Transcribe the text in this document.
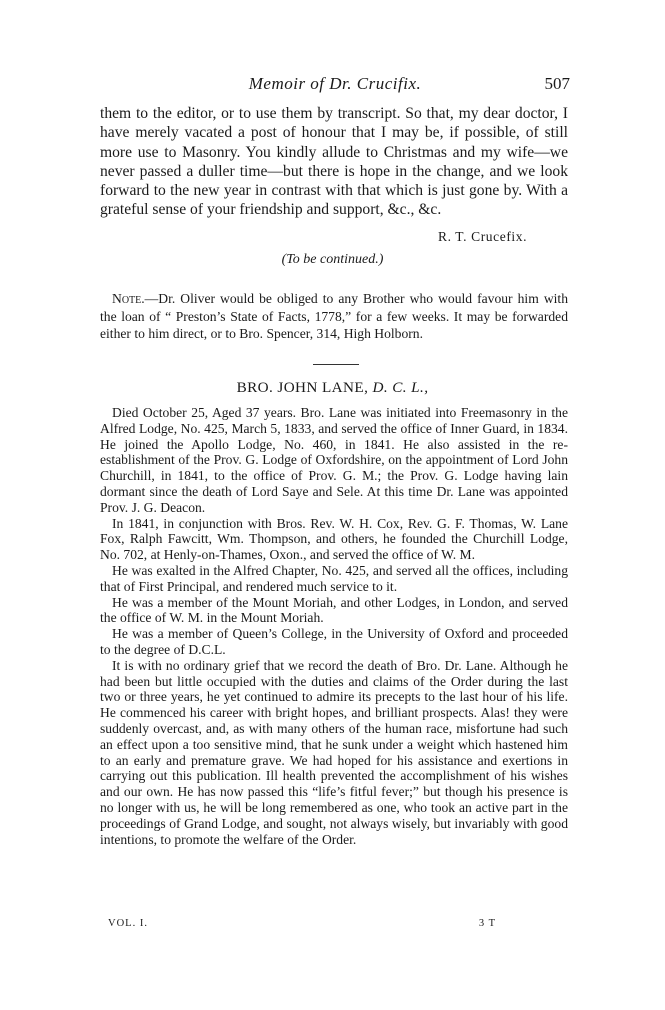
Memoir of Dr. Crucifix.	507
them to the editor, or to use them by transcript. So that, my dear doctor, I have merely vacated a post of honour that I may be, if possible, of still more use to Masonry. You kindly allude to Christmas and my wife—we never passed a duller time—but there is hope in the change, and we look forward to the new year in contrast with that which is just gone by. With a grateful sense of your friendship and support, &c., &c.
R. T. Crucefix.
(To be continued.)

Note.—Dr. Oliver would be obliged to any Brother who would favour him with the loan of “ Preston’s State of Facts, 1778,” for a few weeks. It may be forwarded either to him direct, or to Bro. Spencer, 314, High Holborn.

BRO. JOHN LANE, D. C. L.,

Died October 25, Aged 37 years. Bro. Lane was initiated into Freemasonry in the Alfred Lodge, No. 425, March 5, 1833, and served the office of Inner Guard, in 1834. He joined the Apollo Lodge, No. 460, in 1841. He also assisted in the re-establishment of the Prov. G. Lodge of Oxfordshire, on the appointment of Lord John Churchill, in 1841, to the office of Prov. G. M.; the Prov. G. Lodge having lain dormant since the death of Lord Saye and Sele. At this time Dr. Lane was appointed Prov. J. G. Deacon.

In 1841, in conjunction with Bros. Rev. W. H. Cox, Rev. G. F. Thomas, W. Lane Fox, Ralph Fawcitt, Wm. Thompson, and others, he founded the Churchill Lodge, No. 702, at Henly-on-Thames, Oxon., and served the office of W. M.

He was exalted in the Alfred Chapter, No. 425, and served all the offices, including that of First Principal, and rendered much service to it.

He was a member of the Mount Moriah, and other Lodges, in London, and served the office of W. M. in the Mount Moriah.

He was a member of Queen’s College, in the University of Oxford and proceeded to the degree of D.C.L.

It is with no ordinary grief that we record the death of Bro. Dr. Lane. Although he had been but little occupied with the duties and claims of the Order during the last two or three years, he yet continued to admire its precepts to the last hour of his life. He commenced his career with bright hopes, and brilliant prospects. Alas! they were suddenly overcast, and, as with many others of the human race, misfortune had such an effect upon a too sensitive mind, that he sunk under a weight which hastened him to an early and premature grave. We had hoped for his assistance and exertions in carrying out this publication. Ill health prevented the accomplishment of his wishes and our own. He has now passed this “life’s fitful fever;” but though his presence is no longer with us, he will be long remembered as one, who took an active part in the proceedings of Grand Lodge, and sought, not always wisely, but invariably with good intentions, to promote the welfare of the Order.

VOL. I.	3 T
